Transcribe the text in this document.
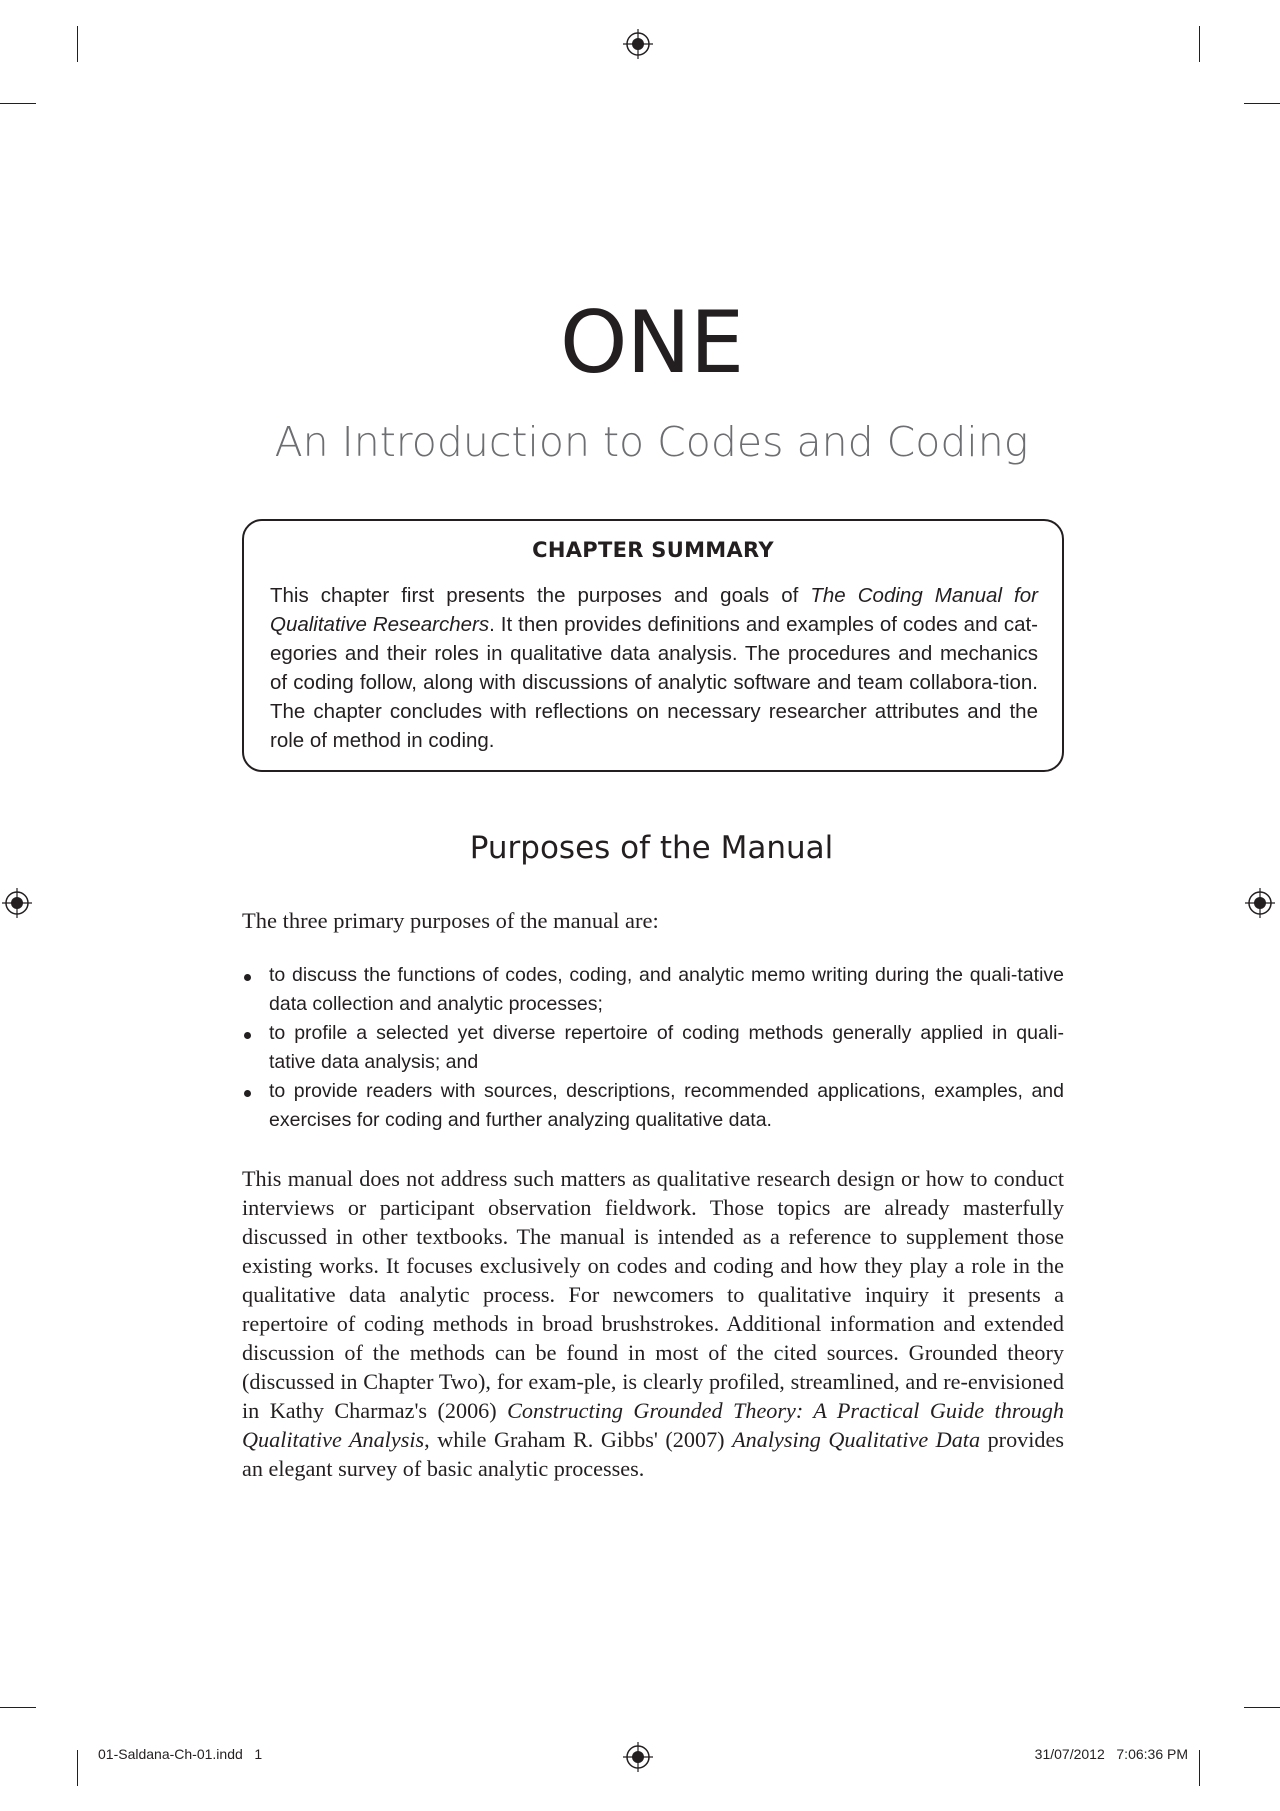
ONE
An Introduction to Codes and Coding
CHAPTER SUMMARY
This chapter first presents the purposes and goals of The Coding Manual for Qualitative Researchers. It then provides definitions and examples of codes and cat-egories and their roles in qualitative data analysis. The procedures and mechanics of coding follow, along with discussions of analytic software and team collabora-tion. The chapter concludes with reflections on necessary researcher attributes and the role of method in coding.
Purposes of the Manual
The three primary purposes of the manual are:
to discuss the functions of codes, coding, and analytic memo writing during the quali-tative data collection and analytic processes;
to profile a selected yet diverse repertoire of coding methods generally applied in quali-tative data analysis; and
to provide readers with sources, descriptions, recommended applications, examples, and exercises for coding and further analyzing qualitative data.
This manual does not address such matters as qualitative research design or how to conduct interviews or participant observation fieldwork. Those topics are already masterfully discussed in other textbooks. The manual is intended as a reference to supplement those existing works. It focuses exclusively on codes and coding and how they play a role in the qualitative data analytic process. For newcomers to qualitative inquiry it presents a repertoire of coding methods in broad brushstrokes. Additional information and extended discussion of the methods can be found in most of the cited sources. Grounded theory (discussed in Chapter Two), for exam-ple, is clearly profiled, streamlined, and re-envisioned in Kathy Charmaz's (2006) Constructing Grounded Theory: A Practical Guide through Qualitative Analysis, while Graham R. Gibbs' (2007) Analysing Qualitative Data provides an elegant survey of basic analytic processes.
01-Saldana-Ch-01.indd   1	31/07/2012   7:06:36 PM
